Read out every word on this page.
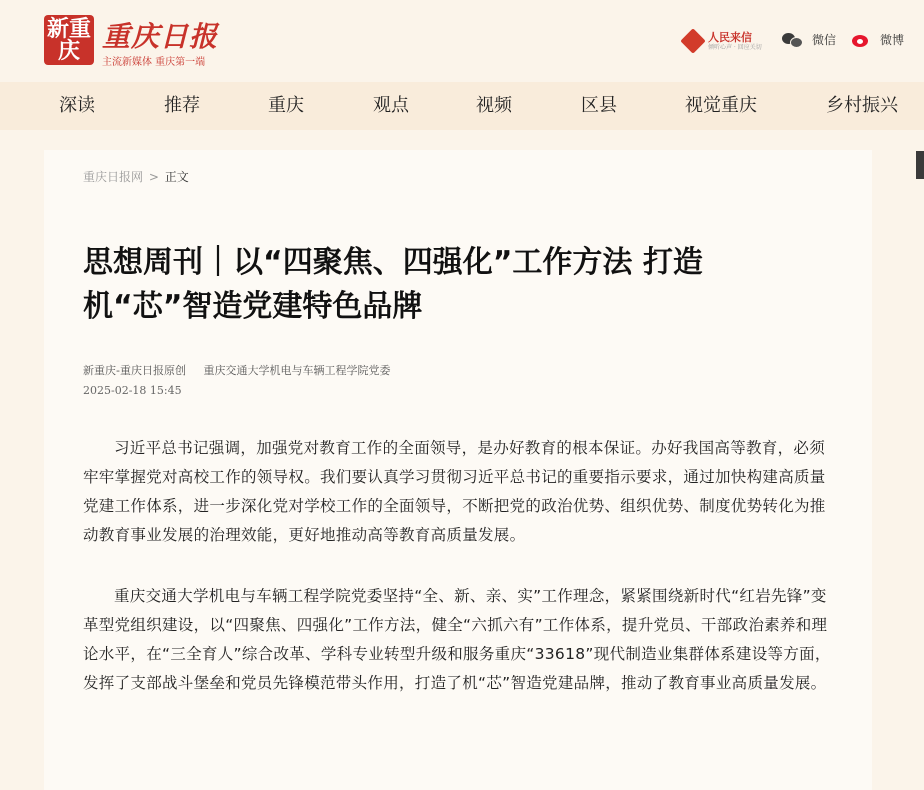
新重庆 重庆日报
主流新媒体 重庆第一端
人民来信
倾听心声 · 回应关切	微信	微博
深读	推荐	重庆	观点	视频	区县	视觉重庆	乡村振兴
重庆日报网 > 正文
思想周刊｜以“四聚焦、四强化”工作方法 打造机“芯”智造党建特色品牌
新重庆-重庆日报原创 重庆交通大学机电与车辆工程学院党委
2025-02-18 15:45

习近平总书记强调，加强党对教育工作的全面领导，是办好教育的根本保证。办好我国高等教育，必须牢牢掌握党对高校工作的领导权。我们要认真学习贯彻习近平总书记的重要指示要求，通过加快构建高质量党建工作体系，进一步深化党对学校工作的全面领导，不断把党的政治优势、组织优势、制度优势转化为推动教育事业发展的治理效能，更好地推动高等教育高质量发展。

重庆交通大学机电与车辆工程学院党委坚持“全、新、亲、实”工作理念，紧紧围绕新时代“红岩先锋”变革型党组织建设，以“四聚焦、四强化”工作方法，健全“六抓六有”工作体系，提升党员、干部政治素养和理论水平，在“三全育人”综合改革、学科专业转型升级和服务重庆“33618”现代制造业集群体系建设等方面，发挥了支部战斗堡垒和党员先锋模范带头作用，打造了机“芯”智造党建品牌，推动了教育事业高质量发展。
